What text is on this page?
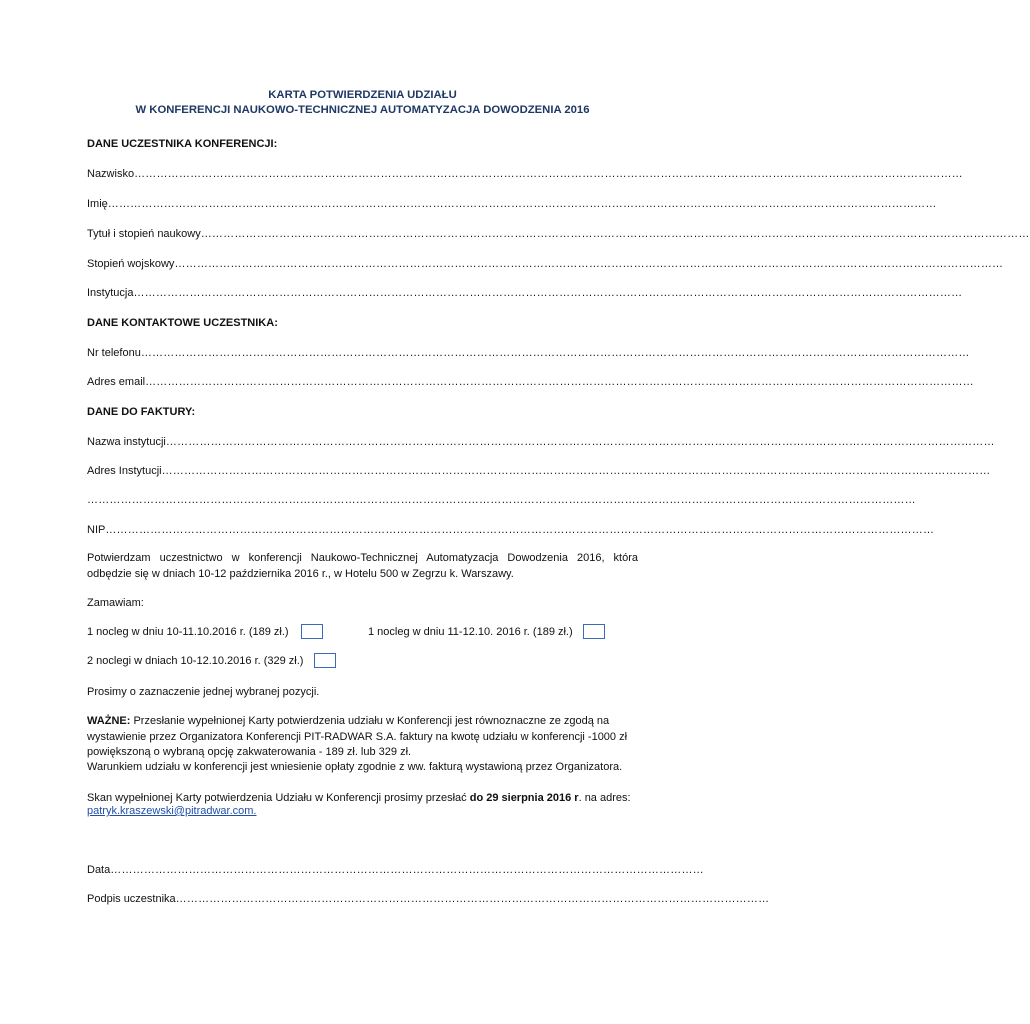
KARTA POTWIERDZENIA UDZIAŁU
W KONFERENCJI NAUKOWO-TECHNICZNEJ AUTOMATYZACJA DOWODZENIA 2016
DANE UCZESTNIKA KONFERENCJI:
Nazwisko ……………………………………………………………………………………………………………………………………………………………………………………………………
Imię ……………………………………………………………………………………………………………………………………………………………………………………………………
Tytuł i stopień naukowy ……………………………………………………………………………………………………………………………………………………………………………………………………
Stopień wojskowy ……………………………………………………………………………………………………………………………………………………………………………………………………
Instytucja ……………………………………………………………………………………………………………………………………………………………………………………………………
DANE KONTAKTOWE UCZESTNIKA:
Nr telefonu ……………………………………………………………………………………………………………………………………………………………………………………………………
Adres email ……………………………………………………………………………………………………………………………………………………………………………………………………
DANE DO FAKTURY:
Nazwa instytucji ……………………………………………………………………………………………………………………………………………………………………………………………………
Adres Instytucji ……………………………………………………………………………………………………………………………………………………………………………………………………
……………………………………………………………………………………………………………………………………………………………………………………………………
NIP ……………………………………………………………………………………………………………………………………………………………………………………………………
Potwierdzam uczestnictwo w konferencji Naukowo-Technicznej Automatyzacja Dowodzenia 2016, która
odbędzie się w dniach 10-12 października 2016 r., w Hotelu 500 w Zegrzu k. Warszawy.
Zamawiam:
1 nocleg w dniu 10-11.10.2016 r. (189 zł.)	1 nocleg w dniu 11-12.10. 2016 r. (189 zł.)
2 noclegi w dniach 10-12.10.2016 r. (329 zł.)
Prosimy o zaznaczenie jednej wybranej pozycji.
WAŻNE: Przesłanie wypełnionej Karty potwierdzenia udziału w Konferencji jest równoznaczne ze zgodą na
wystawienie przez Organizatora Konferencji PIT-RADWAR S.A. faktury na kwotę udziału w konferencji -1000 zł
powiększoną o wybraną opcję zakwaterowania - 189 zł. lub 329 zł.
Warunkiem udziału w konferencji jest wniesienie opłaty zgodnie z ww. fakturą wystawioną przez Organizatora.
Skan wypełnionej Karty potwierdzenia Udziału w Konferencji prosimy przesłać do 29 sierpnia 2016 r. na adres:
patryk.kraszewski@pitradwar.com.
Data ……………………………………………………………………………………………………………………………………………
Podpis uczestnika ……………………………………………………………………………………………………………………………………………
